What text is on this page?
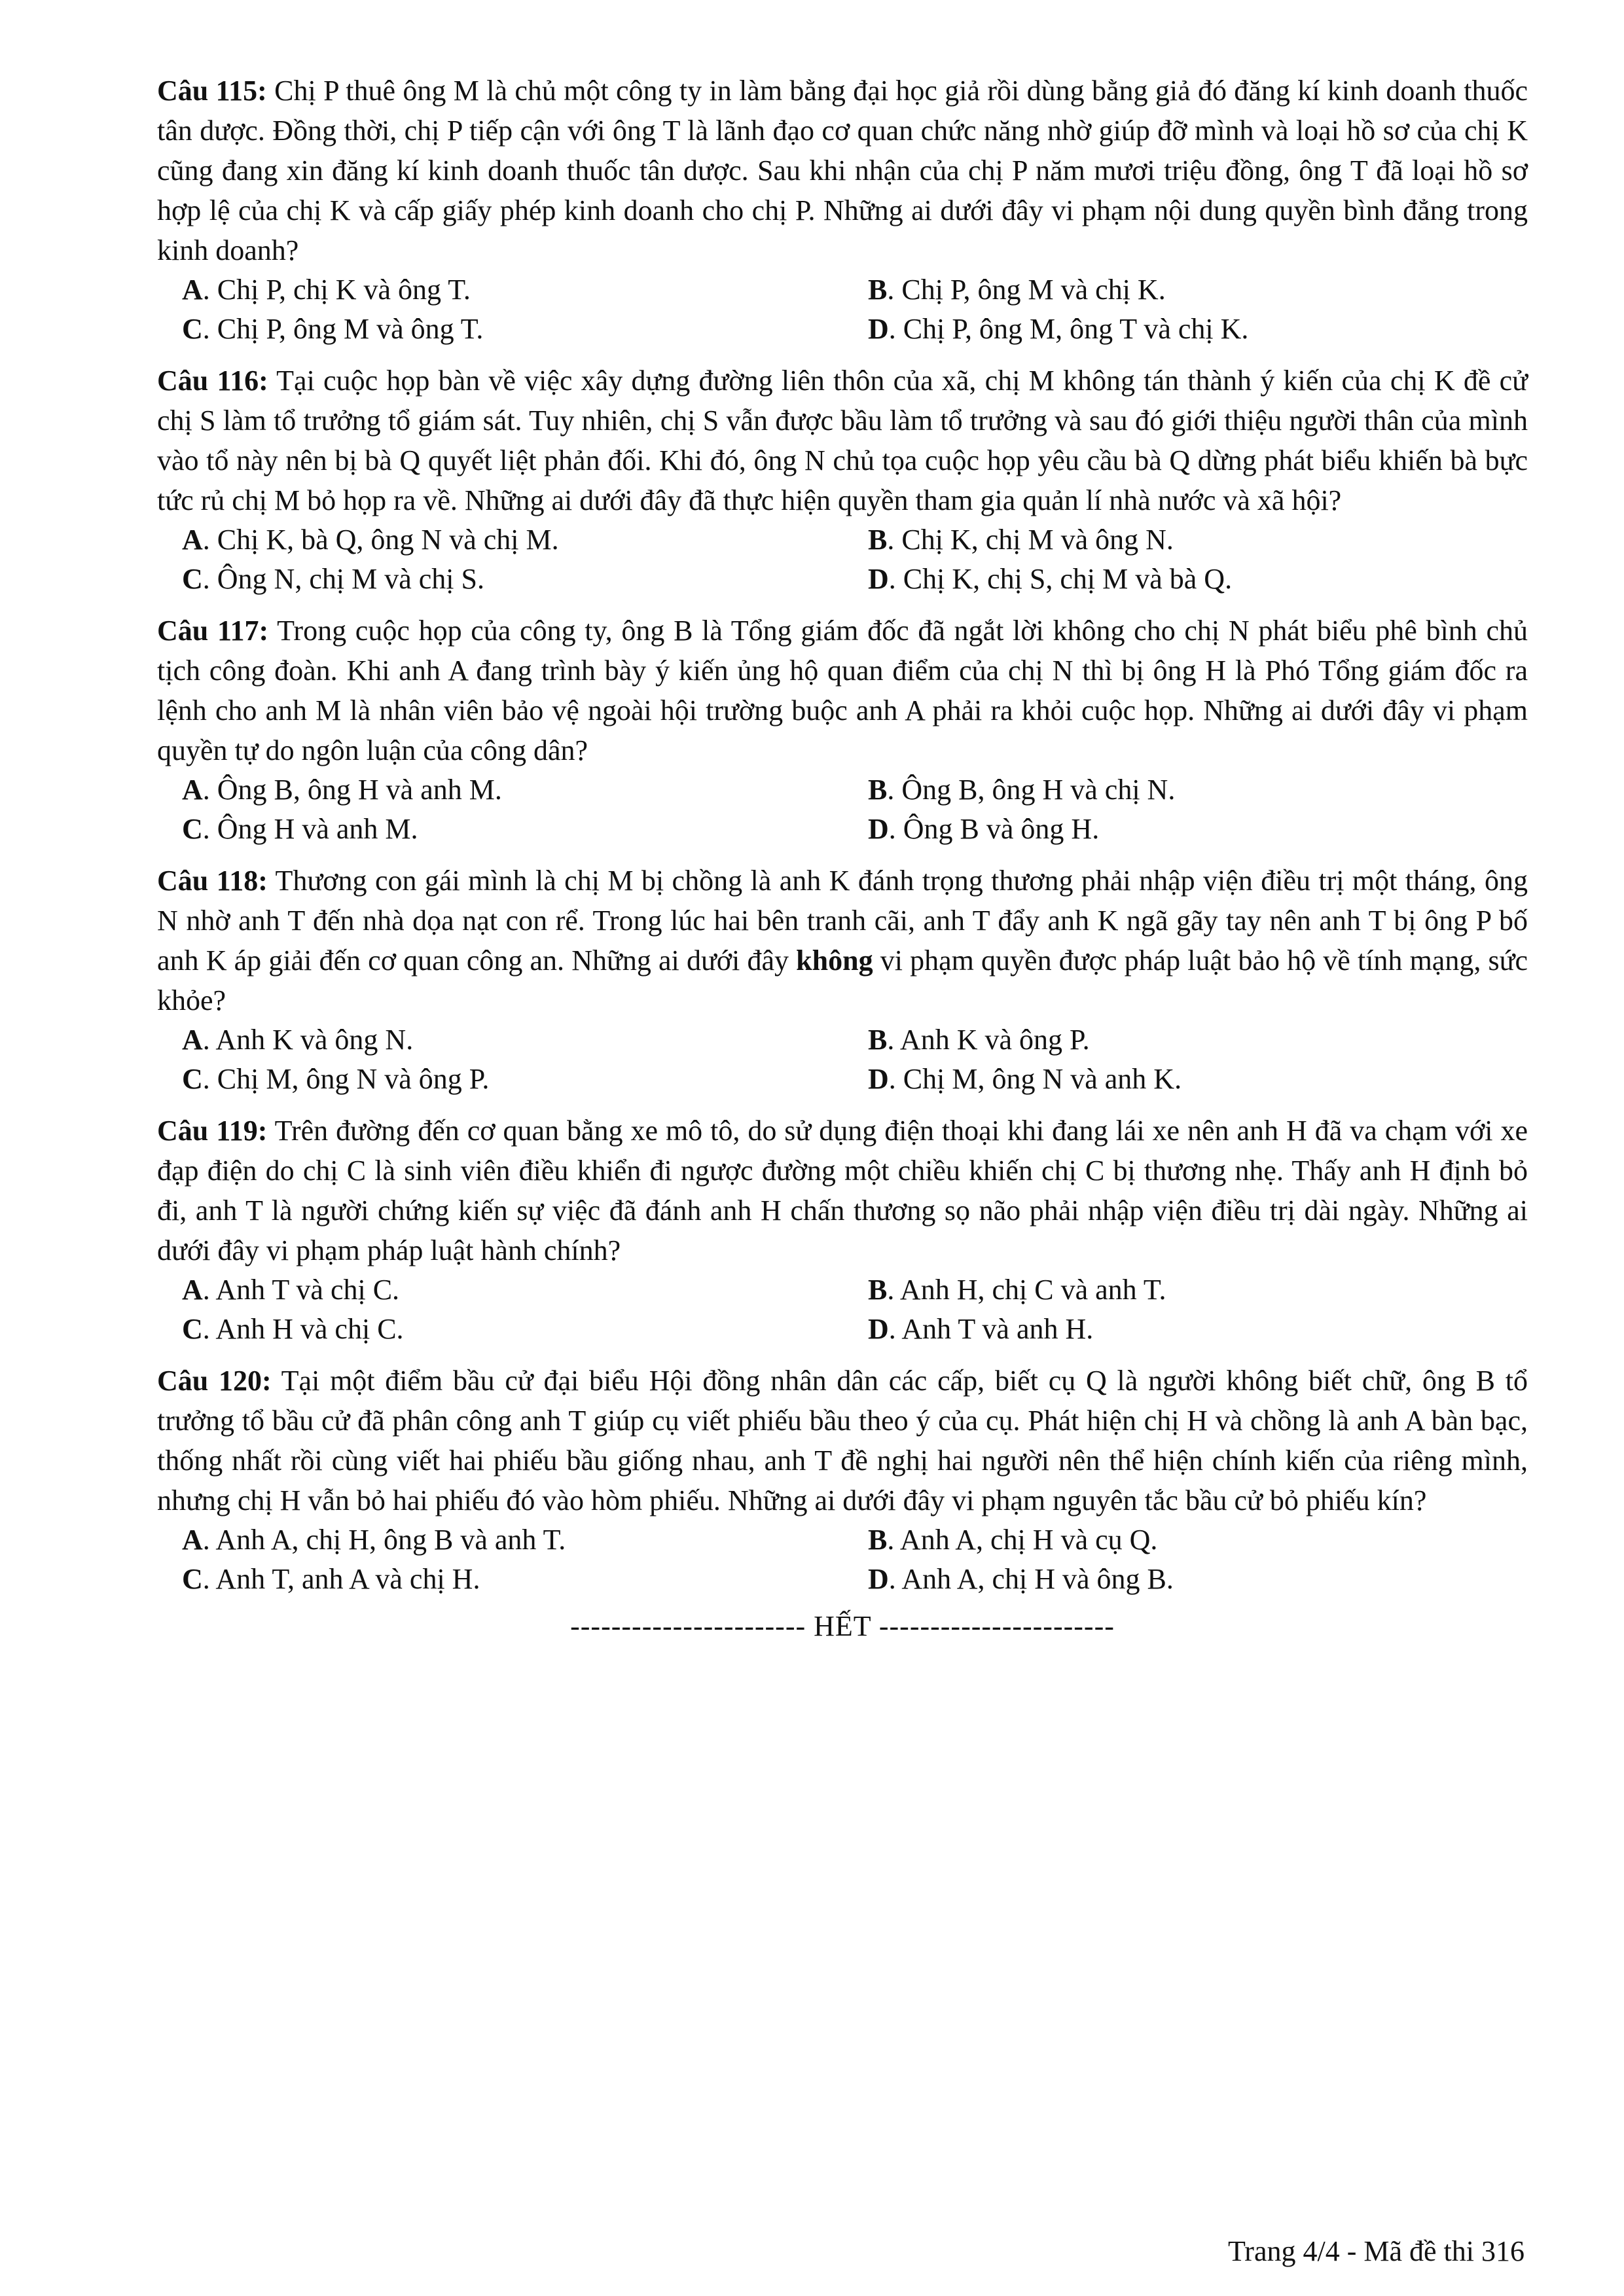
Câu 115: Chị P thuê ông M là chủ một công ty in làm bằng đại học giả rồi dùng bằng giả đó đăng kí kinh doanh thuốc tân dược. Đồng thời, chị P tiếp cận với ông T là lãnh đạo cơ quan chức năng nhờ giúp đỡ mình và loại hồ sơ của chị K cũng đang xin đăng kí kinh doanh thuốc tân dược. Sau khi nhận của chị P năm mươi triệu đồng, ông T đã loại hồ sơ hợp lệ của chị K và cấp giấy phép kinh doanh cho chị P. Những ai dưới đây vi phạm nội dung quyền bình đẳng trong kinh doanh?

A. Chị P, chị K và ông T.	B. Chị P, ông M và chị K.
C. Chị P, ông M và ông T.	D. Chị P, ông M, ông T và chị K.

Câu 116: Tại cuộc họp bàn về việc xây dựng đường liên thôn của xã, chị M không tán thành ý kiến của chị K đề cử chị S làm tổ trưởng tổ giám sát. Tuy nhiên, chị S vẫn được bầu làm tổ trưởng và sau đó giới thiệu người thân của mình vào tổ này nên bị bà Q quyết liệt phản đối. Khi đó, ông N chủ tọa cuộc họp yêu cầu bà Q dừng phát biểu khiến bà bực tức rủ chị M bỏ họp ra về. Những ai dưới đây đã thực hiện quyền tham gia quản lí nhà nước và xã hội?

A. Chị K, bà Q, ông N và chị M.	B. Chị K, chị M và ông N.
C. Ông N, chị M và chị S.	D. Chị K, chị S, chị M và bà Q.

Câu 117: Trong cuộc họp của công ty, ông B là Tổng giám đốc đã ngắt lời không cho chị N phát biểu phê bình chủ tịch công đoàn. Khi anh A đang trình bày ý kiến ủng hộ quan điểm của chị N thì bị ông H là Phó Tổng giám đốc ra lệnh cho anh M là nhân viên bảo vệ ngoài hội trường buộc anh A phải ra khỏi cuộc họp. Những ai dưới đây vi phạm quyền tự do ngôn luận của công dân?

A. Ông B, ông H và anh M.	B. Ông B, ông H và chị N.
C. Ông H và anh M.	D. Ông B và ông H.

Câu 118: Thương con gái mình là chị M bị chồng là anh K đánh trọng thương phải nhập viện điều trị một tháng, ông N nhờ anh T đến nhà dọa nạt con rể. Trong lúc hai bên tranh cãi, anh T đẩy anh K ngã gãy tay nên anh T bị ông P bố anh K áp giải đến cơ quan công an. Những ai dưới đây không vi phạm quyền được pháp luật bảo hộ về tính mạng, sức khỏe?

A. Anh K và ông N.	B. Anh K và ông P.
C. Chị M, ông N và ông P.	D. Chị M, ông N và anh K.

Câu 119: Trên đường đến cơ quan bằng xe mô tô, do sử dụng điện thoại khi đang lái xe nên anh H đã va chạm với xe đạp điện do chị C là sinh viên điều khiển đi ngược đường một chiều khiến chị C bị thương nhẹ. Thấy anh H định bỏ đi, anh T là người chứng kiến sự việc đã đánh anh H chấn thương sọ não phải nhập viện điều trị dài ngày. Những ai dưới đây vi phạm pháp luật hành chính?

A. Anh T và chị C.	B. Anh H, chị C và anh T.
C. Anh H và chị C.	D. Anh T và anh H.

Câu 120: Tại một điểm bầu cử đại biểu Hội đồng nhân dân các cấp, biết cụ Q là người không biết chữ, ông B tổ trưởng tổ bầu cử đã phân công anh T giúp cụ viết phiếu bầu theo ý của cụ. Phát hiện chị H và chồng là anh A bàn bạc, thống nhất rồi cùng viết hai phiếu bầu giống nhau, anh T đề nghị hai người nên thể hiện chính kiến của riêng mình, nhưng chị H vẫn bỏ hai phiếu đó vào hòm phiếu. Những ai dưới đây vi phạm nguyên tắc bầu cử bỏ phiếu kín?

A. Anh A, chị H, ông B và anh T.	B. Anh A, chị H và cụ Q.
C. Anh T, anh A và chị H.	D. Anh A, chị H và ông B.
----------------------- HẾT -----------------------
Trang 4/4 - Mã đề thi 316
